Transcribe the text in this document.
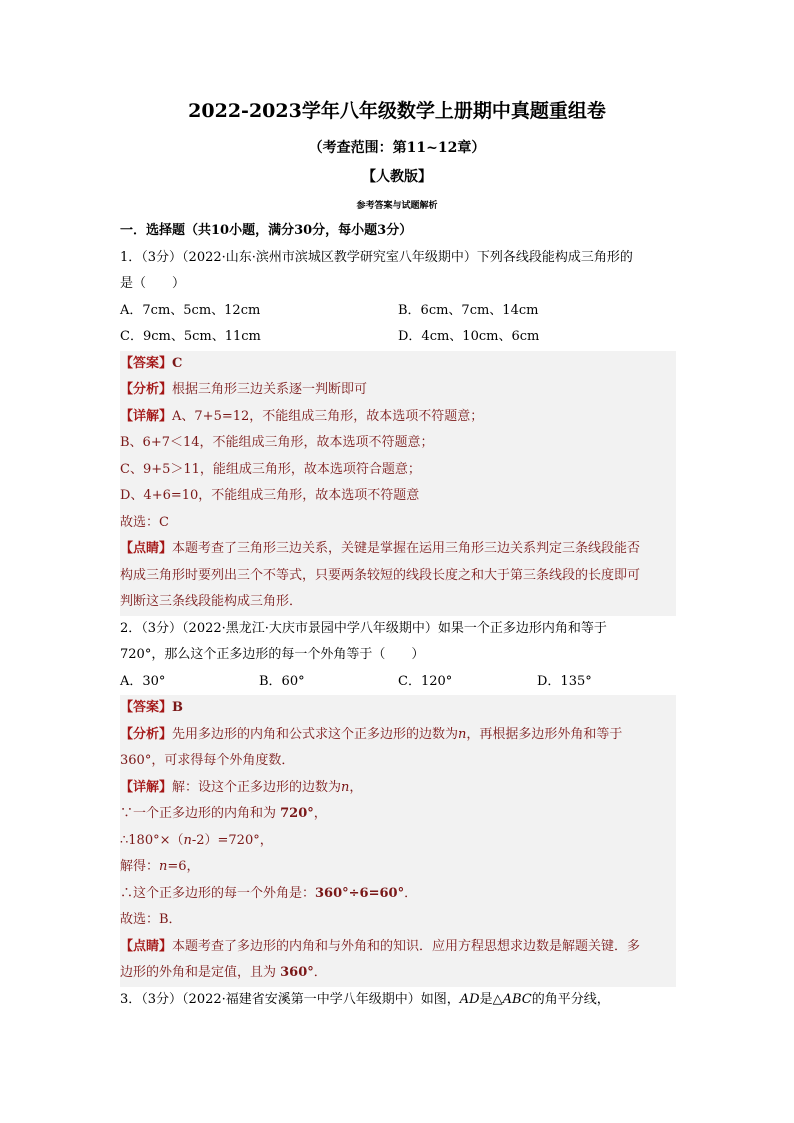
2022-2023学年八年级数学上册期中真题重组卷
（考查范围：第11~12章）
【人教版】
参考答案与试题解析
一．选择题（共10小题，满分30分，每小题3分）
1．（3分）（2022·山东·滨州市滨城区教学研究室八年级期中）下列各线段能构成三角形的
是（　　）
A．7cm、5cm、12cm	B．6cm、7cm、14cm
C．9cm、5cm、11cm	D．4cm、10cm、6cm
【答案】C
【分析】根据三角形三边关系逐一判断即可
【详解】A、7+5=12，不能组成三角形，故本选项不符题意；
B、6+7＜14，不能组成三角形，故本选项不符题意；
C、9+5＞11，能组成三角形，故本选项符合题意；
D、4+6=10，不能组成三角形，故本选项不符题意
故选：C
【点睛】本题考查了三角形三边关系，关键是掌握在运用三角形三边关系判定三条线段能否
构成三角形时要列出三个不等式，只要两条较短的线段长度之和大于第三条线段的长度即可
判断这三条线段能构成三角形．
2．（3分）（2022·黑龙江·大庆市景园中学八年级期中）如果一个正多边形内角和等于
720°，那么这个正多边形的每一个外角等于（　　）
A．30°	B．60°	C．120°	D．135°
【答案】B
【分析】先用多边形的内角和公式求这个正多边形的边数为n，再根据多边形外角和等于
360°，可求得每个外角度数．
【详解】解：设这个正多边形的边数为n，
∵一个正多边形的内角和为 720°，
∴180°×（n-2）=720°，
解得：n=6，
∴这个正多边形的每一个外角是：360°÷6=60°．
故选：B．
【点睛】本题考查了多边形的内角和与外角和的知识．应用方程思想求边数是解题关键．多
边形的外角和是定值，且为 360°．
3．（3分）（2022·福建省安溪第一中学八年级期中）如图，AD是△ABC的角平分线，
